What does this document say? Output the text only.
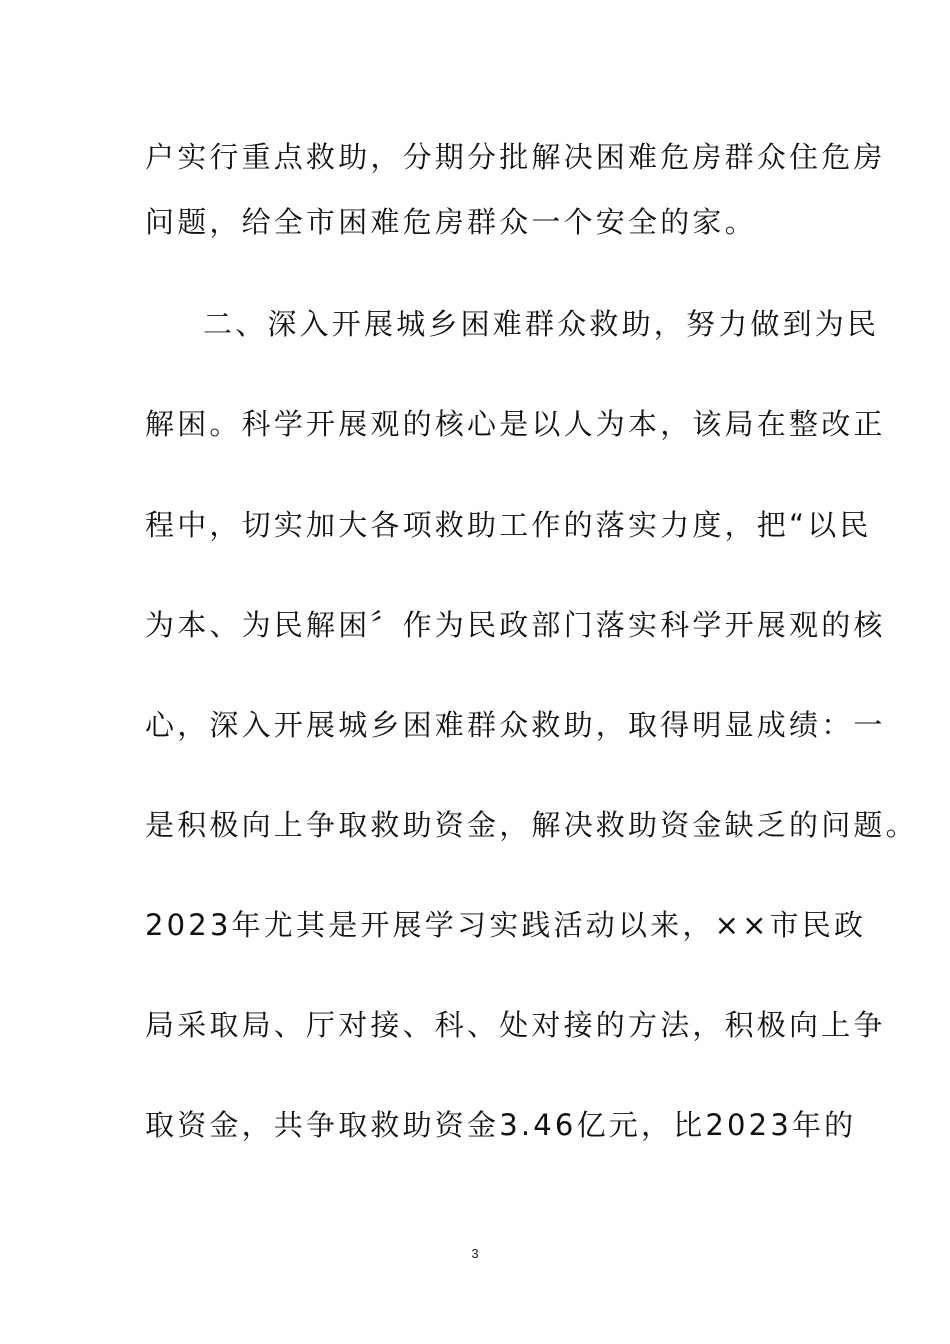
户实行重点救助，分期分批解决困难危房群众住危房
问题，给全市困难危房群众一个安全的家。
二、深入开展城乡困难群众救助，努力做到为民
解困。科学开展观的核心是以人为本，该局在整改正
程中，切实加大各项救助工作的落实力度，把“以民
为本、为民解困〞作为民政部门落实科学开展观的核
心，深入开展城乡困难群众救助，取得明显成绩：一
是积极向上争取救助资金，解决救助资金缺乏的问题。
2023年尤其是开展学习实践活动以来，××市民政
局采取局、厅对接、科、处对接的方法，积极向上争
取资金，共争取救助资金3.46亿元，比2023年的
3
